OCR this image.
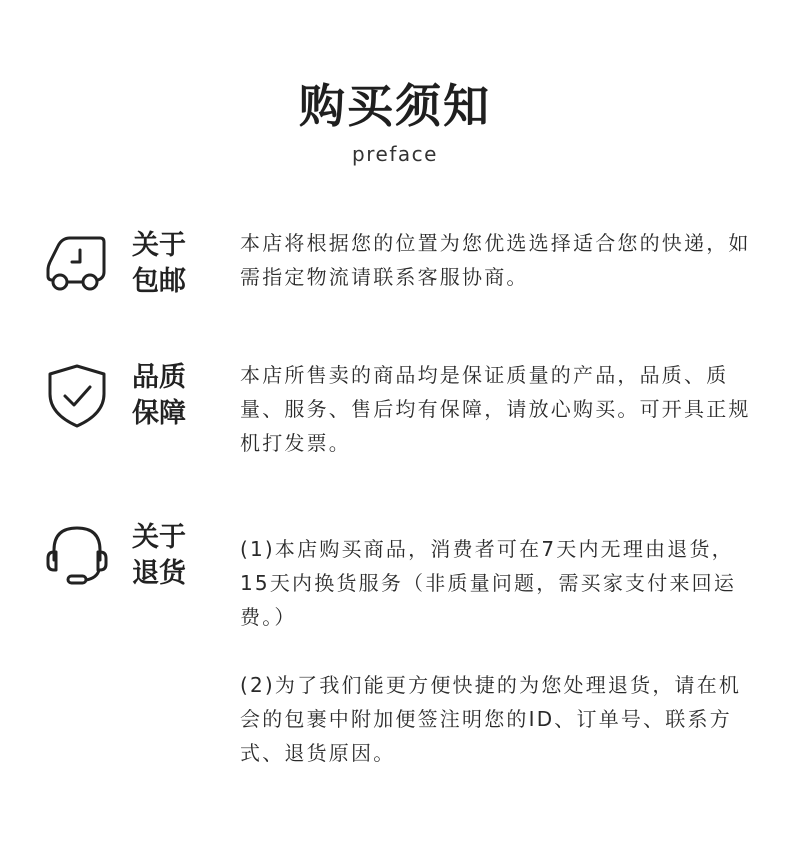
购买须知
preface
关于
包邮

本店将根据您的位置为您优选选择适合您的快递，如需指定物流请联系客服协商。

品质
保障

本店所售卖的商品均是保证质量的产品，品质、质量、服务、售后均有保障，请放心购买。可开具正规机打发票。

关于
退货

(1)本店购买商品，消费者可在7天内无理由退货，15天内换货服务（非质量问题，需买家支付来回运费。）

(2)为了我们能更方便快捷的为您处理退货，请在机会的包裹中附加便签注明您的ID、订单号、联系方式、退货原因。
